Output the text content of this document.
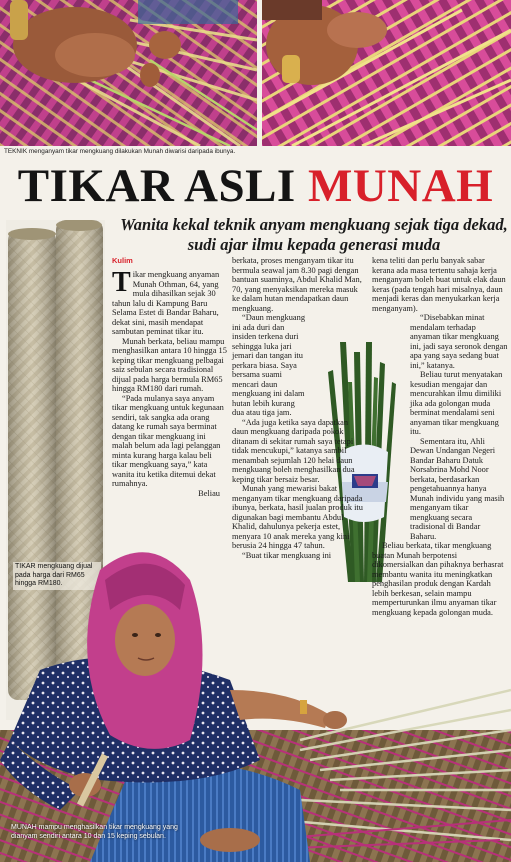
TEKNIK menganyam tikar mengkuang dilakukan Munah diwarisi daripada ibunya.
TIKAR ASLI MUNAH
Wanita kekal teknik anyam mengkuang sejak tiga dekad, sudi ajar ilmu kepada generasi muda
TIKAR mengkuang dijual pada harga dari RM65 hingga RM180.
MUNAH mampu menghasilkan tikar mengkuang yang dianyam sendiri antara 10 dan 15 keping sebulan.

Kulim

Tikar mengkuang anyaman Munah Othman, 64, yang mula dihasilkan sejak 30 tahun lalu di Kampung Baru Selama Estet di Bandar Baharu, dekat sini, masih mendapat sambutan peminat tikar itu.

Munah berkata, beliau mampu menghasilkan antara 10 hingga 15 keping tikar mengkuang pelbagai saiz sebulan secara tradisional dijual pada harga bermula RM65 hingga RM180 dari rumah.

“Pada mulanya saya anyam tikar mengkuang untuk kegunaan sendiri, tak sangka ada orang datang ke rumah saya berminat dengan tikar mengkuang ini malah belum ada lagi pelanggan minta kurang harga kalau beli tikar mengkuang saya,” kata wanita itu ketika ditemui dekat rumahnya.

Beliau

berkata, proses menganyam tikar itu bermula seawal jam 8.30 pagi dengan bantuan suaminya, Abdul Khalid Man, 70, yang menyaksikan mereka masuk ke dalam hutan mendapatkan daun mengkuang.

“Daun mengkuang ini ada duri dan insiden terkena duri sehingga luka jari jemari dan tangan itu perkara biasa. Saya bersama suami mencari daun mengkuang ini dalam hutan lebih kurang dua atau tiga jam.

“Ada juga ketika saya dapatkan daun mengkuang daripada pokok ditanam di sekitar rumah saya tetapi tidak mencukupi,” katanya sambil menambah sejumlah 120 helai daun mengkuang boleh menghasilkan dua keping tikar bersaiz besar.

Munah yang mewarisi bakat menganyam tikar mengkuang daripada ibunya, berkata, hasil jualan produk itu digunakan bagi membantu Abdul Khalid, dahulunya pekerja estet, menyara 10 anak mereka yang kini berusia 24 hingga 47 tahun.

“Buat tikar mengkuang ini

kena teliti dan perlu banyak sabar kerana ada masa tertentu sahaja kerja menganyam boleh buat untuk elak daun keras (pada tengah hari misalnya, daun menjadi keras dan menyukarkan kerja menganyam).

“Disebabkan minat mendalam terhadap anyaman tikar mengkuang ini, jadi saya seronok dengan apa yang saya sedang buat ini,” katanya.

Beliau turut menyatakan kesudian mengajar dan mencurahkan ilmu dimiliki jika ada golongan muda berminat mendalami seni anyaman tikar mengkuang itu.

Sementara itu, Ahli Dewan Undangan Negeri Bandar Baharu Datuk Norsabrina Mohd Noor berkata, berdasarkan pengetahuannya hanya Munah individu yang masih menganyam tikar mengkuang secara tradisional di Bandar Baharu.

Beliau berkata, tikar mengkuang buatan Munah berpotensi dikomersialkan dan pihaknya berhasrat membantu wanita itu meningkatkan penghasilan produk dengan Kardah lebih berkesan, selain mampu memperturunkan ilmu anyaman tikar mengkuang kepada golongan muda.
